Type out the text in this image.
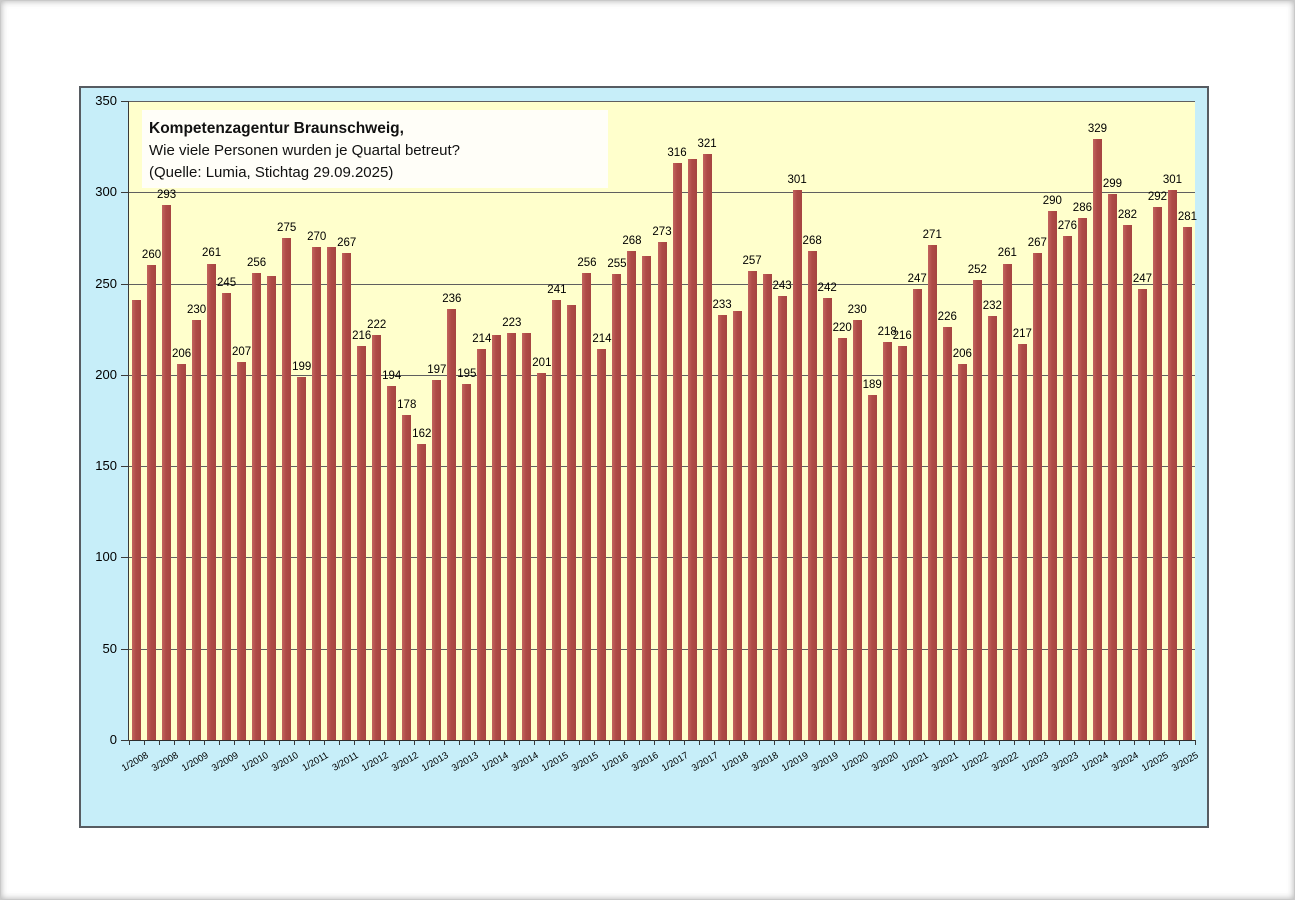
Kompetenzagentur Braunschweig,
Wie viele Personen wurden je Quartal betreut?
(Quelle: Lumia, Stichtag 29.09.2025)
0
50
100
150
200
250
300
350
260
293
206
230
261
245
207
256
275
199
270 267
216
222
194
178
162
197
236
195
214
223
201
241
256
214
255
268
273
316
321
233
257
243
301
268
242
220
230
189
218
216
247
271
226
206
252
232
261
217
267
290
276
286
329
299
282
247
292
301
281
1/2008 3/2008 1/2009 3/2009 1/2010 3/2010 1/2011 3/2011 1/2012 3/2012 1/2013 3/2013 1/2014 3/2014 1/2015 3/2015 1/2016 3/2016 1/2017 3/2017 1/2018 3/2018 1/2019 3/2019 1/2020 3/2020 1/2021 3/2021 1/2022 3/2022 1/2023 3/2023 1/2024 3/2024 1/2025 3/2025
